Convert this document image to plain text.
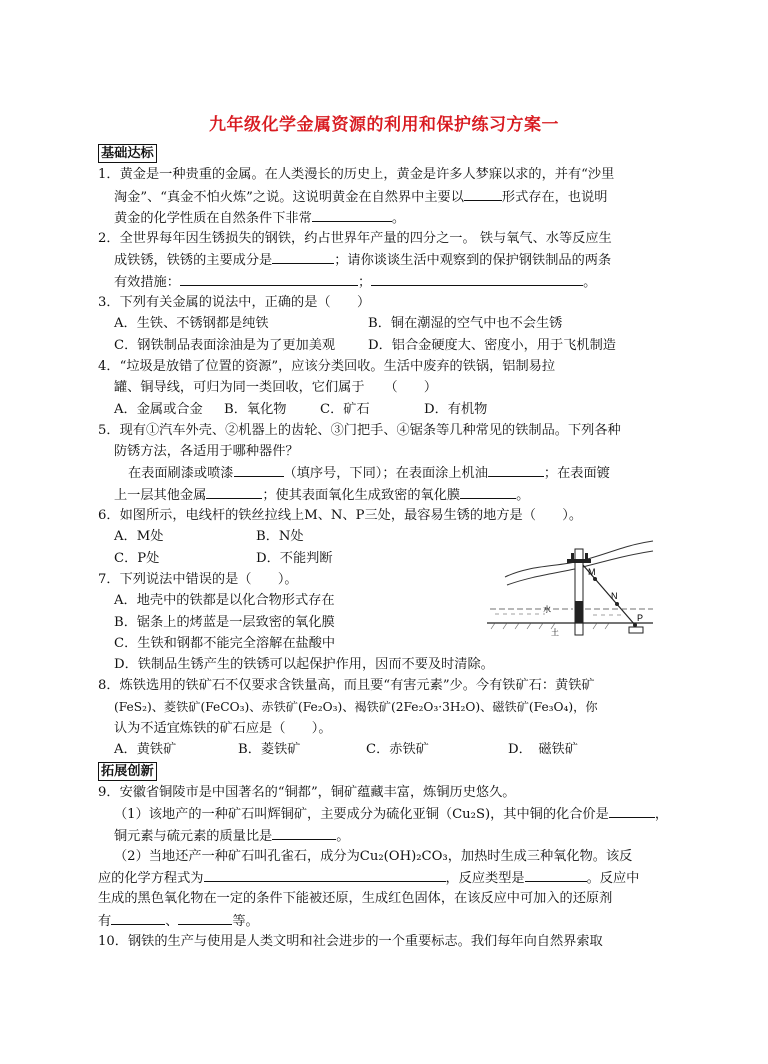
九年级化学金属资源的利用和保护练习方案一
基础达标
1．黄金是一种贵重的金属。在人类漫长的历史上，黄金是许多人梦寐以求的，并有“沙里
淘金”、“真金不怕火炼”之说。这说明黄金在自然界中主要以	形式存在，也说明
黄金的化学性质在自然条件下非常	。
2．全世界每年因生锈损失的钢铁，约占世界年产量的四分之一。 铁与氧气、水等反应生
成铁锈，铁锈的主要成分是	；请你谈谈生活中观察到的保护钢铁制品的两条
有效措施：	；	。
3．下列有关金属的说法中，正确的是（　　）
A．生铁、不锈钢都是纯铁	B．铜在潮湿的空气中也不会生锈
C．钢铁制品表面涂油是为了更加美观 D．铝合金硬度大、密度小，用于飞机制造
4．“垃圾是放错了位置的资源”，应该分类回收。生活中废弃的铁锅，铝制易拉
罐、铜导线，可归为同一类回收，它们属于　　（　　）
A．金属或合金 B．氧化物	C．矿石	D．有机物
5．现有①汽车外壳、②机器上的齿轮、③门把手、④锯条等几种常见的铁制品。下列各种
防锈方法，各适用于哪种器件？
在表面刷漆或喷漆	（填序号，下同）；在表面涂上机油	；在表面镀
上一层其他金属	；使其表面氧化生成致密的氧化膜	。
6．如图所示，电线杆的铁丝拉线上M、N、P三处，最容易生锈的地方是（　　）。
A．M处	B．N处
C．P处	D．不能判断
7．下列说法中错误的是（　　）。
A．地壳中的铁都是以化合物形式存在
B．锯条上的烤蓝是一层致密的氧化膜
C．生铁和钢都不能完全溶解在盐酸中
D．铁制品生锈产生的铁锈可以起保护作用，因而不要及时清除。
8．炼铁选用的铁矿石不仅要求含铁量高，而且要“有害元素”少。今有铁矿石：黄铁矿
(FeS₂)、菱铁矿(FeCO₃)、赤铁矿(Fe₂O₃)、褐铁矿(2Fe₂O₃·3H₂O)、磁铁矿(Fe₃O₄)，你
认为不适宜炼铁的矿石应是（　　）。
A．黄铁矿	B．菱铁矿	C．赤铁矿	D．　磁铁矿
拓展创新
9．安徽省铜陵市是中国著名的“铜都”，铜矿蕴藏丰富，炼铜历史悠久。
（1）该地产的一种矿石叫辉铜矿，主要成分为硫化亚铜（Cu₂S)，其中铜的化合价是	，
铜元素与硫元素的质量比是	。
（2）当地还产一种矿石叫孔雀石，成分为Cu₂(OH)₂CO₃，加热时生成三种氧化物。该反
应的化学方程式为	，反应类型是	。反应中
生成的黑色氧化物在一定的条件下能被还原，生成红色固体，在该反应中可加入的还原剂
有	、	等。
10．钢铁的生产与使用是人类文明和社会进步的一个重要标志。我们每年向自然界索取
M
N
P
水
土
